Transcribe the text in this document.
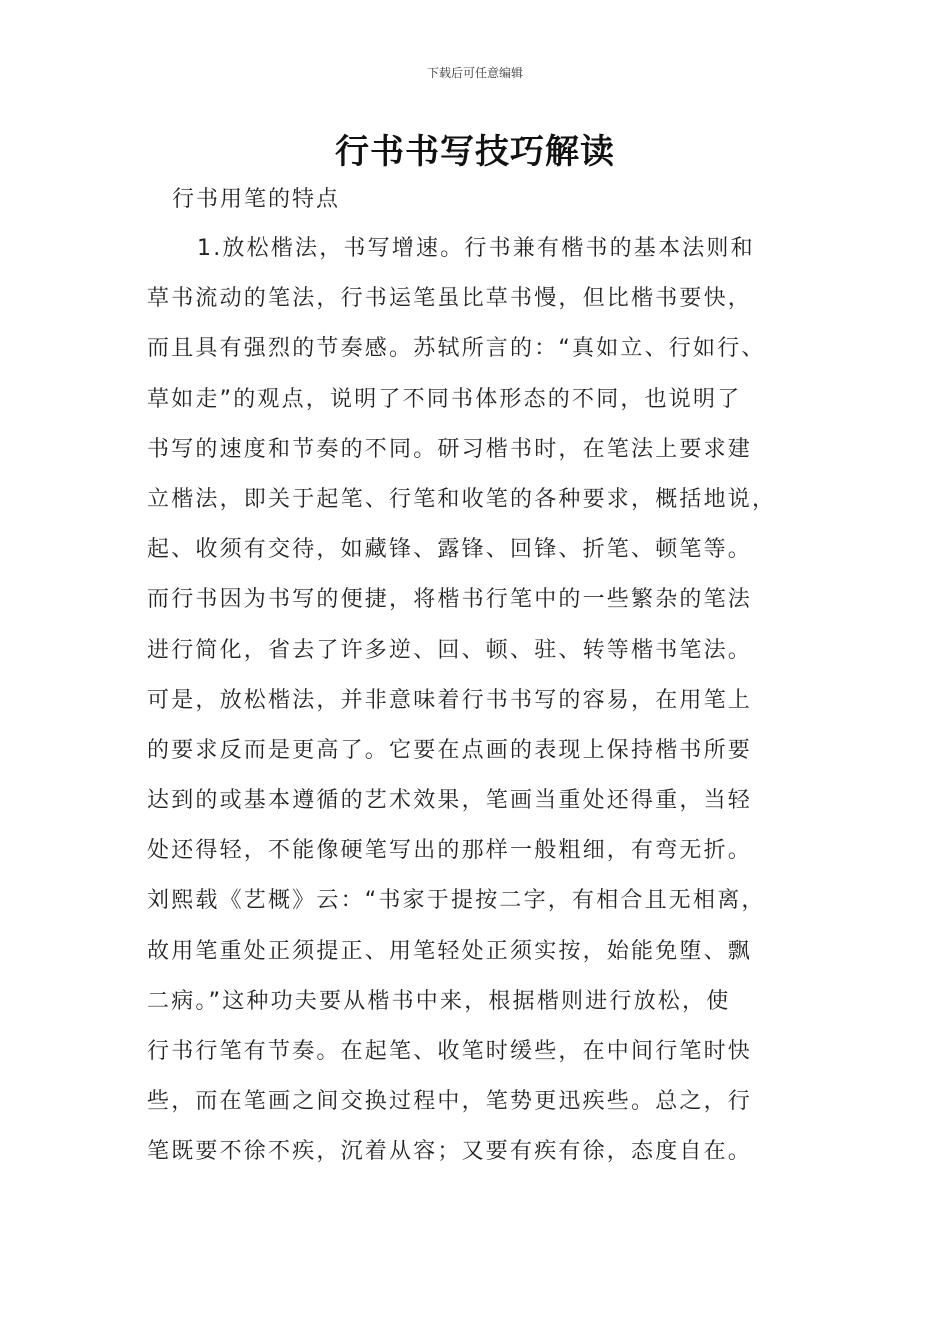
下载后可任意编辑
行书书写技巧解读
行书用笔的特点
1.放松楷法，书写增速。行书兼有楷书的基本法则和
草书流动的笔法，行书运笔虽比草书慢，但比楷书要快，
而且具有强烈的节奏感。苏轼所言的：“真如立、行如行、
草如走”的观点，说明了不同书体形态的不同，也说明了
书写的速度和节奏的不同。研习楷书时，在笔法上要求建
立楷法，即关于起笔、行笔和收笔的各种要求，概括地说，
起、收须有交待，如藏锋、露锋、回锋、折笔、顿笔等。
而行书因为书写的便捷，将楷书行笔中的一些繁杂的笔法
进行简化，省去了许多逆、回、顿、驻、转等楷书笔法。
可是，放松楷法，并非意味着行书书写的容易，在用笔上
的要求反而是更高了。它要在点画的表现上保持楷书所要
达到的或基本遵循的艺术效果，笔画当重处还得重，当轻
处还得轻，不能像硬笔写出的那样一般粗细，有弯无折。
刘熙载《艺概》云：“书家于提按二字，有相合且无相离，
故用笔重处正须提正、用笔轻处正须实按，始能免堕、飘
二病。”这种功夫要从楷书中来，根据楷则进行放松，使
行书行笔有节奏。在起笔、收笔时缓些，在中间行笔时快
些，而在笔画之间交换过程中，笔势更迅疾些。总之，行
笔既要不徐不疾，沉着从容；又要有疾有徐，态度自在。
